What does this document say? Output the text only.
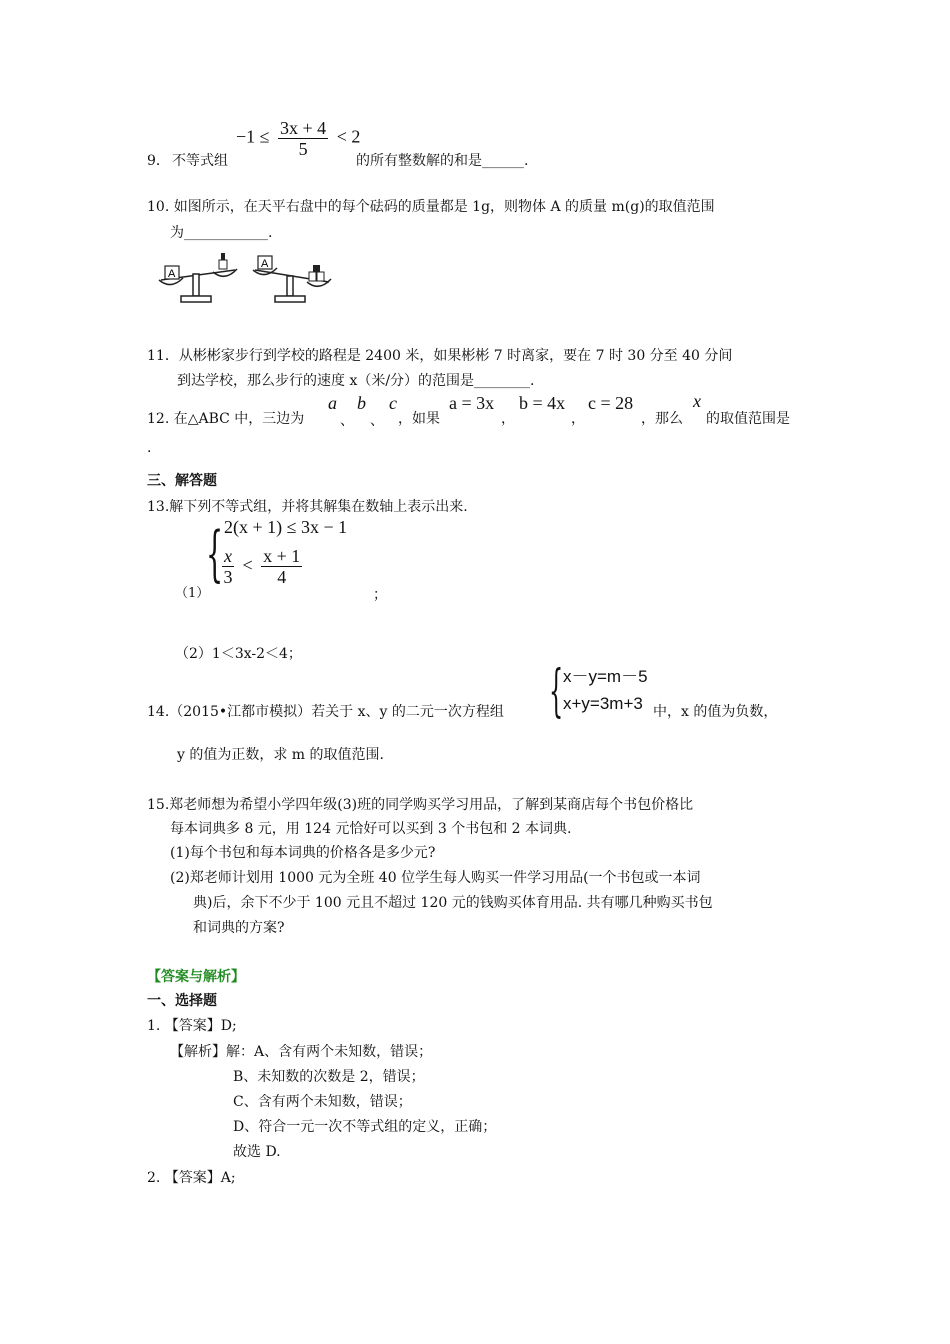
9． 不等式组
$-1 \le \frac{3x + 4}{5} < 2$
的所有整数解的和是______.
10. 如图所示，在天平右盘中的每个砝码的质量都是 1g，则物体 A 的质量 m(g)的取值范围
为____________.
A
A
11．从彬彬家步行到学校的路程是 2400 米，如果彬彬 7 时离家，要在 7 时 30 分至 40 分间
到达学校，那么步行的速度 x（米/分）的范围是________.
12. 在△ABC 中，三边为
a
、
b
、
c
，如果
a = 3x
，
b = 4x
，
c = 28
，那么
x
的取值范围是
.
三、解答题
13.解下列不等式组，并将其解集在数轴上表示出来.
{ 2(x + 1) ≤ 3x − 1
$\frac{x}{3} < \frac{x + 1}{4}$
（1）	；
（2）1＜3x-2＜4；
14.（2015•江都市模拟）若关于 x、y 的二元一次方程组 { x－y=m－5
x+y=3m+3 中，x 的值为负数，
y 的值为正数，求 m 的取值范围.
15.郑老师想为希望小学四年级(3)班的同学购买学习用品，了解到某商店每个书包价格比
每本词典多 8 元，用 124 元恰好可以买到 3 个书包和 2 本词典.
(1)每个书包和每本词典的价格各是多少元?
(2)郑老师计划用 1000 元为全班 40 位学生每人购买一件学习用品(一个书包或一本词
典)后，余下不少于 100 元且不超过 120 元的钱购买体育用品. 共有哪几种购买书包
和词典的方案?
【答案与解析】
一、选择题
1. 【答案】D;
【解析】解：A、含有两个未知数，错误；
B、未知数的次数是 2，错误；
C、含有两个未知数，错误；
D、符合一元一次不等式组的定义，正确；
故选 D.
2. 【答案】A;
